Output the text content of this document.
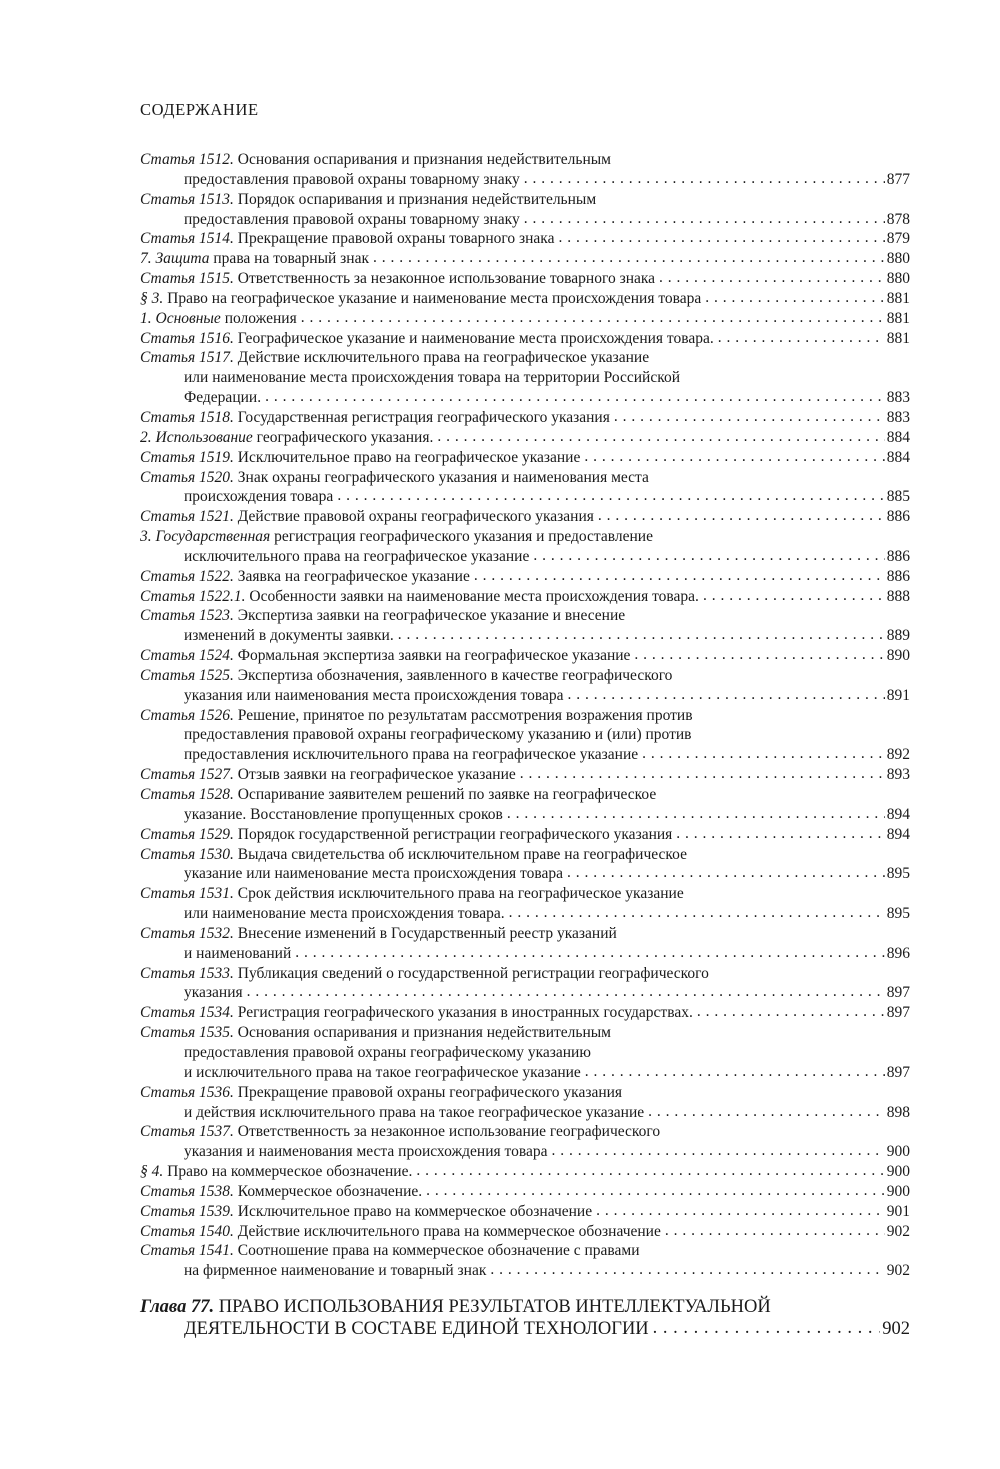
СОДЕРЖАНИЕ
Статья 1512. Основания оспаривания и признания недействительным
предоставления правовой охраны товарному знаку . . .	877
Статья 1513. Порядок оспаривания и признания недействительным
предоставления правовой охраны товарному знаку . . .	878
Статья 1514. Прекращение правовой охраны товарного знака . . .	879
7. Защита права на товарный знак . . .	880
Статья 1515. Ответственность за незаконное использование товарного знака . . .	880
§ 3. Право на географическое указание и наименование места происхождения товара . . .	881
1. Основные положения . . .	881
Статья 1516. Географическое указание и наименование места происхождения товара. . . .	881
Статья 1517. Действие исключительного права на географическое указание
или наименование места происхождения товара на территории Российской
Федерации. . . .	883
Статья 1518. Государственная регистрация географического указания . . .	883
2. Использование географического указания. . . .	884
Статья 1519. Исключительное право на географическое указание . . .	884
Статья 1520. Знак охраны географического указания и наименования места
происхождения товара . . .	885
Статья 1521. Действие правовой охраны географического указания . . .	886
3. Государственная регистрация географического указания и предоставление
исключительного права на географическое указание . . .	886
Статья 1522. Заявка на географическое указание . . .	886
Статья 1522.1. Особенности заявки на наименование места происхождения товара. . . .	888
Статья 1523. Экспертиза заявки на географическое указание и внесение
изменений в документы заявки. . . .	889
Статья 1524. Формальная экспертиза заявки на географическое указание . . .	890
Статья 1525. Экспертиза обозначения, заявленного в качестве географического
указания или наименования места происхождения товара . . .	891
Статья 1526. Решение, принятое по результатам рассмотрения возражения против
предоставления правовой охраны географическому указанию и (или) против
предоставления исключительного права на географическое указание . . .	892
Статья 1527. Отзыв заявки на географическое указание . . .	893
Статья 1528. Оспаривание заявителем решений по заявке на географическое
указание. Восстановление пропущенных сроков . . .	894
Статья 1529. Порядок государственной регистрации географического указания . . .	894
Статья 1530. Выдача свидетельства об исключительном праве на географическое
указание или наименование места происхождения товара . . .	895
Статья 1531. Срок действия исключительного права на географическое указание
или наименование места происхождения товара. . . .	895
Статья 1532. Внесение изменений в Государственный реестр указаний
и наименований . . .	896
Статья 1533. Публикация сведений о государственной регистрации географического
указания . . .	897
Статья 1534. Регистрация географического указания в иностранных государствах. . . .	897
Статья 1535. Основания оспаривания и признания недействительным
предоставления правовой охраны географическому указанию
и исключительного права на такое географическое указание . . .	897
Статья 1536. Прекращение правовой охраны географического указания
и действия исключительного права на такое географическое указание . . .	898
Статья 1537. Ответственность за незаконное использование географического
указания и наименования места происхождения товара . . .	900
§ 4. Право на коммерческое обозначение. . . .	900
Статья 1538. Коммерческое обозначение. . . .	900
Статья 1539. Исключительное право на коммерческое обозначение . . .	901
Статья 1540. Действие исключительного права на коммерческое обозначение . . .	902
Статья 1541. Соотношение права на коммерческое обозначение с правами
на фирменное наименование и товарный знак . . .	902
Глава 77. ПРАВО ИСПОЛЬЗОВАНИЯ РЕЗУЛЬТАТОВ ИНТЕЛЛЕКТУАЛЬНОЙ
ДЕЯТЕЛЬНОСТИ В СОСТАВЕ ЕДИНОЙ ТЕХНОЛОГИИ . . .	902
